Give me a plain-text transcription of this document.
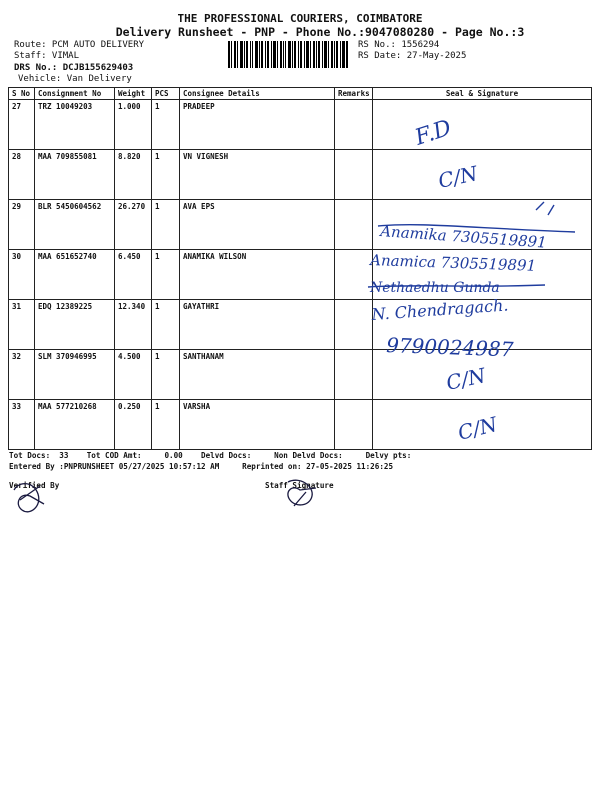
THE PROFESSIONAL COURIERS, COIMBATORE
Delivery Runsheet - PNP - Phone No.:9047080280 - Page No.:3
Route: PCM AUTO DELIVERY
Staff: VIMAL
DRS No.: DCJB155629403
Vehicle: Van Delivery
RS No.: 1556294
RS Date: 27-May-2025
S No	Consignment No	Weight	PCS	Consignee Details	Remarks	Seal & Signature
27	TRZ 10049203	1.000	1	PRADEEP		
28	MAA 709855081	8.820	1	VN VIGNESH		
29	BLR 5450604562	26.270	1	AVA EPS		
30	MAA 651652740	6.450	1	ANAMIKA WILSON		
31	EDQ 12389225	12.340	1	GAYATHRI		
32	SLM 370946995	4.500	1	SANTHANAM		
33	MAA 577210268	0.250	1	VARSHA		
Tot Docs:  33    Tot COD Amt:     0.00    Delvd Docs:     Non Delvd Docs:     Delvy pts:
Entered By :PNPRUNSHEET 05/27/2025 10:57:12 AM     Reprinted on: 27-05-2025 11:26:25
Verified By	Staff Signature
F.D
C/N
Anamika 7305519891
Anamica 7305519891
Nethaedhu Gunda
N. Chendragach.
9790024987
C/N
C/N
